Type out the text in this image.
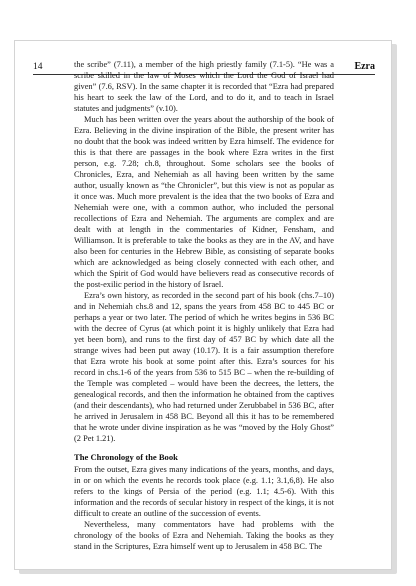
14	Ezra

the scribe” (7.11), a member of the high priestly family (7.1-5). “He was a scribe skilled in the law of Moses which the Lord the God of Israel had given” (7.6, RSV). In the same chapter it is recorded that “Ezra had prepared his heart to seek the law of the Lord, and to do it, and to teach in Israel statutes and judgments” (v.10).

Much has been written over the years about the authorship of the book of Ezra. Believing in the divine inspiration of the Bible, the present writer has no doubt that the book was indeed written by Ezra himself. The evidence for this is that there are passages in the book where Ezra writes in the first person, e.g. 7.28; ch.8, throughout. Some scholars see the books of Chronicles, Ezra, and Nehemiah as all having been written by the same author, usually known as “the Chronicler”, but this view is not as popular as it once was. Much more prevalent is the idea that the two books of Ezra and Nehemiah were one, with a common author, who included the personal recollections of Ezra and Nehemiah. The arguments are complex and are dealt with at length in the commentaries of Kidner, Fensham, and Williamson. It is preferable to take the books as they are in the AV, and have also been for centuries in the Hebrew Bible, as consisting of separate books which are acknowledged as being closely connected with each other, and which the Spirit of God would have believers read as consecutive records of the post-exilic period in the history of Israel.

Ezra’s own history, as recorded in the second part of his book (chs.7–10) and in Nehemiah chs.8 and 12, spans the years from 458 BC to 445 BC or perhaps a year or two later. The period of which he writes begins in 536 BC with the decree of Cyrus (at which point it is highly unlikely that Ezra had yet been born), and runs to the first day of 457 BC by which date all the strange wives had been put away (10.17). It is a fair assumption therefore that Ezra wrote his book at some point after this. Ezra’s sources for his record in chs.1-6 of the years from 536 to 515 BC – when the re-building of the Temple was completed – would have been the decrees, the letters, the genealogical records, and then the information he obtained from the captives (and their descendants), who had returned under Zerubbabel in 536 BC, after he arrived in Jerusalem in 458 BC. Beyond all this it has to be remembered that he wrote under divine inspiration as he was “moved by the Holy Ghost” (2 Pet 1.21).

The Chronology of the Book

From the outset, Ezra gives many indications of the years, months, and days, in or on which the events he records took place (e.g. 1.1; 3.1,6,8). He also refers to the kings of Persia of the period (e.g. 1.1; 4.5-6). With this information and the records of secular history in respect of the kings, it is not difficult to create an outline of the succession of events.

Nevertheless, many commentators have had problems with the chronology of the books of Ezra and Nehemiah. Taking the books as they stand in the Scriptures, Ezra himself went up to Jerusalem in 458 BC. The
